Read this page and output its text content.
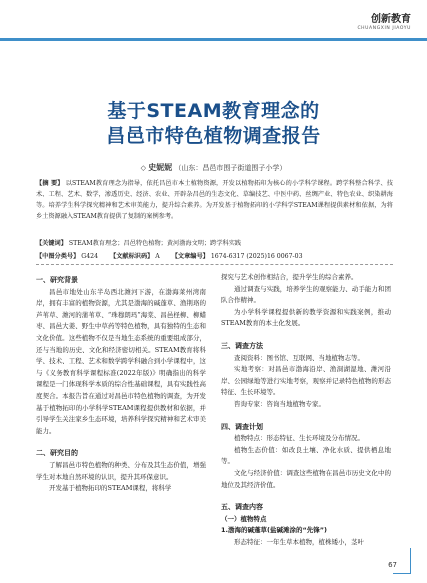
创新教育
CHUANGXIN JIAOYU
基于STEAM教育理念的
昌邑市特色植物调查报告
◇ 史妮妮 （山东：昌邑市围子街道围子小学）
【摘 要】 以STEAM教育理念为指导，依托昌邑市本土植物资源，开发以植物拓印为核心的小学科学课程。跨学科整合科学、技术、工程、艺术、数学，渗透历史、经济、农业、开辟杂昌邑的生态文化、草编技艺、中医中药、丝绸产业、特色农业、织染耕海等。培养学生科学探究精神和艺术审美能力，提升综合素养。为开发基于植物拓印的小学科学STEAM课程提供素材和依据，为将乡土资源融入STEAM教育提供了复制的案例参考。
【关键词】 STEAM教育理念；昌邑特色植物；黄河渤海文明；跨学科实践
【中图分类号】 G424 【文献标识码】 A 【文章编号】 1674-6317 (2025)16 0067-03
一、研究背景

昌邑市地处山东半岛西北潍河下游，在渤海莱州湾南岸，拥有丰富的植物资源，尤其是渤海的碱蓬草、渔荆珞的芦苇草、潍河的蒲苇草、“珠穆朗玛”海棠、昌邑柽柳、柳蜡枣、昌邑大姜、野生中草药等特色植物，具有独特的生态和文化价值。这些植物不仅是当地生态系统的重要组成部分，还与当地的历史、文化和经济密切相关。STEAM教育将科学、技术、工程、艺术和数学跨学科融合到小学课程中，这与《义务教育科学课程标准(2022年版)》明确指出的科学课程是一门体现科学本质的综合性基础课程，具有实践性高度契合。本报告旨在通过对昌邑市特色植物的调查，为开发基于植物拓印的小学科学STEAM课程提供教材和依据，并引导学生关注家乡生态环境，培养科学探究精神和艺术审美能力。

二、研究目的

了解昌邑市特色植物的种类、分布及其生态价值，增强学生对本地自然环境的认识，提升其环保意识。

开发基于植物拓印的STEAM课程，将科学

探究与艺术创作相结合，提升学生的综合素养。

通过调查与实践，培养学生的观察能力、动手能力和团队合作精神。

为小学科学课程提供新的教学资源和实践案例，推动STEAM教育的本土化发展。

三、调查方法

查阅资料：图书馆、互联网、当地植物志等。

实地考察：对昌邑市渤海沿岸、渔洞湖湿地、潍河沿岸、公园绿地等进行实地考察，观察并记录特色植物的形态特征、生长环境等。

咨询专家：咨询当地植物专家。

四、调查计划

植物特点：形态特征、生长环境及分布情况。

植物生态价值：如改良土壤、净化水质、提供栖息地等。

文化与经济价值：调查这些植物在昌邑市历史文化中的地位及其经济价值。

五、调查内容
（一）植物特点
1.渤海的碱蓬草(盐碱滩涂的“先锋”)

形态特征：一年生草本植物，植株矮小，茎叶

67
